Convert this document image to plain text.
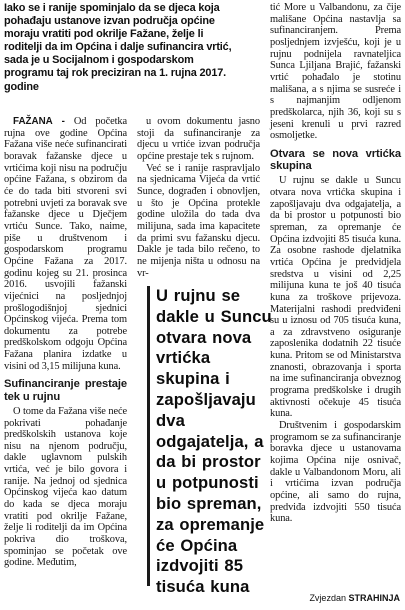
Iako se i ranije spominjalo da se djeca koja pohađaju ustanove izvan područja općine moraju vratiti pod okrilje Fažane, želje li roditelji da im Općina i dalje sufinancira vrtić, sada je u Socijalnom i gospodarskom programu taj rok preciziran na 1. rujna 2017. godine

FAŽANA - Od početka rujna ove godine Općina Fažana više neće sufinancirati boravak fažanske djece u vrtićima koji nisu na području općine Fažana, s obzirom da će do tada biti stvoreni svi potrebni uvjeti za boravak sve fažanske djece u Dječjem vrtiću Sunce. Tako, naime, piše u društvenom i gospodarskom programu Općine Fažana za 2017. godinu kojeg su 21. prosinca 2016. usvojili fažanski vijećnici na posljednjoj prošlogodišnjoj sjednici Općinskog vijeća. Prema tom dokumentu za potrebe predškolskom odgoju Općina Fažana planira izdatke u visini od 3,15 milijuna kuna.

Sufinanciranje prestaje tek u rujnu

O tome da Fažana više neće pokrivati pohađanje predškolskih ustanova koje nisu na njenom području, dakle uglavnom pulskih vrtića, već je bilo govora i ranije. Na jednoj od sjednica Općinskog vijeća kao datum do kada se djeca moraju vratiti pod okrilje Fažane, želje li roditelji da im Općina pokriva dio troškova, spominjao se početak ove godine. Međutim,

u ovom dokumentu jasno stoji da sufinanciranje za djecu u vrtiće izvan područja općine prestaje tek s rujnom.

Već se i ranije raspravljalo na sjednicama Vijeća da vrtić Sunce, dograđen i obnovljen, u što je Općina protekle godine uložila do tada dva milijuna, sada ima kapacitete da primi svu fažansku djecu. Dakle je tada bilo rečeno, to ne mijenja ništa u odnosu na vr-

U rujnu se dakle u Suncu otvara nova vrtićka skupina i zapošljavaju dva odgajatelja, a da bi prostor u potpunosti bio spreman, za opremanje će Općina izdvojiti 85 tisuća kuna

tić More u Valbandonu, za čije mališane Općina nastavlja sa sufinanciranjem. Prema posljednjem izvješću, koji je u rujnu podnijela ravnateljica Sunca Ljiljana Brajić, fažanski vrtić pohađalo je stotinu mališana, a s njima se susreće i s najmanjim odljenom predškolarca, njih 36, koji su s jeseni krenuli u prvi razred osmoljetke.

Otvara se nova vrtićka skupina

U rujnu se dakle u Suncu otvara nova vrtićka skupina i zapošljavaju dva odgajatelja, a da bi prostor u potpunosti bio spreman, za opremanje će Općina izdvojiti 85 tisuća kuna. Za osobne rashode djelatnika vrtića Općina je predvidjela sredstva u visini od 2,25 milijuna kuna te još 40 tisuća kuna za troškove prijevoza. Materijalni rashodi predviđeni su u iznosu od 705 tisuća kuna, a za zdravstveno osiguranje zaposlenika dodatnih 22 tisuće kuna. Pritom se od Ministarstva znanosti, obrazovanja i sporta na ime sufinanciranja obveznog programa predškolske i drugih aktivnosti očekuje 45 tisuća kuna.

Društvenim i gospodarskim programom se za sufinanciranje boravka djece u ustanovama kojima Općina nije osnivač, dakle u Valbandonom Moru, ali i vrtićima izvan područja općine, ali samo do rujna, predviđa izdvojiti 550 tisuća kuna.

Zvjezdan STRAHINJA
